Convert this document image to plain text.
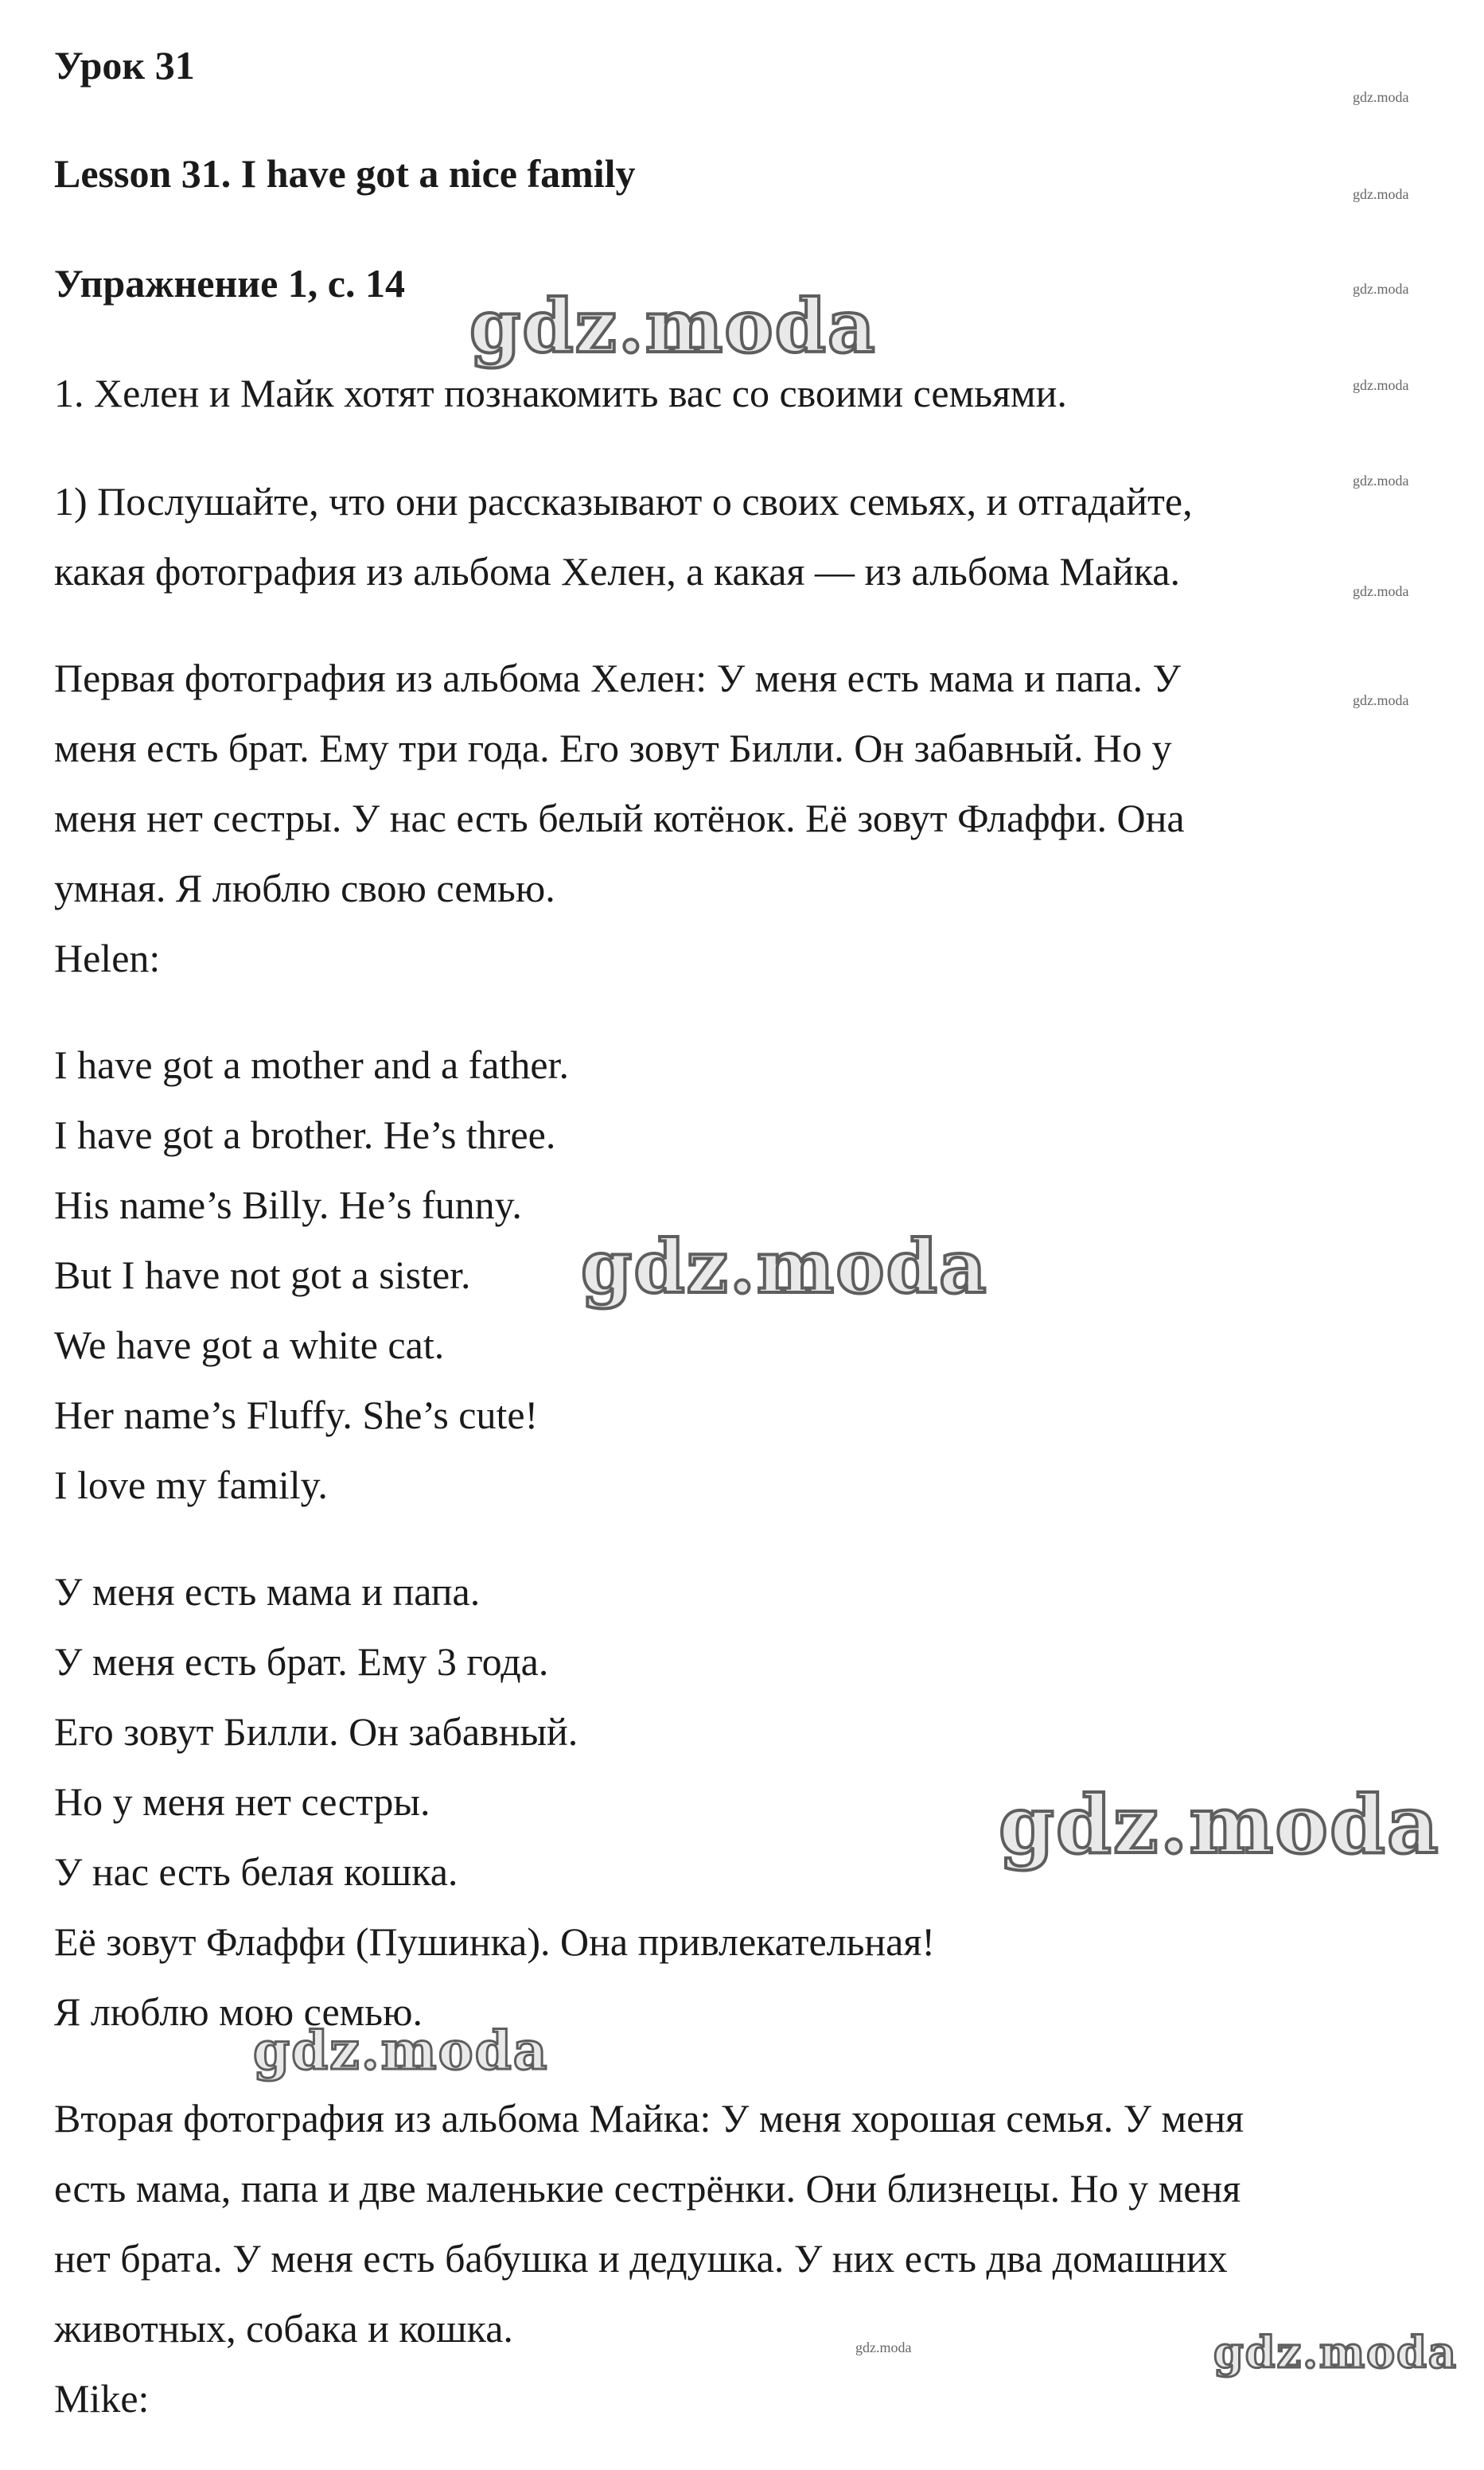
gdz.moda
gdz.moda
gdz.moda
gdz.moda
gdz.moda
gdz.moda
gdz.moda
gdz.moda
Урок 31
Lesson 31. I have got a nice family
Упражнение 1, с. 14
1. Хелен и Майк хотят познакомить вас со своими семьями.
1) Послушайте, что они рассказывают о своих семьях, и отгадайте,
какая фотография из альбома Хелен, а какая — из альбома Майка.
Первая фотография из альбома Хелен: У меня есть мама и папа. У
меня есть брат. Ему три года. Его зовут Билли. Он забавный. Но у
меня нет сестры. У нас есть белый котёнок. Её зовут Флаффи. Она
умная. Я люблю свою семью.
Helen:
I have got a mother and a father.
I have got a brother. He’s three.
His name’s Billy. He’s funny.
But I have not got a sister.
We have got a white cat.
Her name’s Fluffy. She’s cute!
I love my family.
У меня есть мама и папа.
У меня есть брат. Ему 3 года.
Его зовут Билли. Он забавный.
Но у меня нет сестры.
У нас есть белая кошка.
Её зовут Флаффи (Пушинка). Она привлекательная!
Я люблю мою семью.
Вторая фотография из альбома Майка: У меня хорошая семья. У меня
есть мама, папа и две маленькие сестрёнки. Они близнецы. Но у меня
нет брата. У меня есть бабушка и дедушка. У них есть два домашних
животных, собака и кошка.
Mike:
gdz.moda
gdz.moda
gdz.moda
gdz.moda
gdz.moda
